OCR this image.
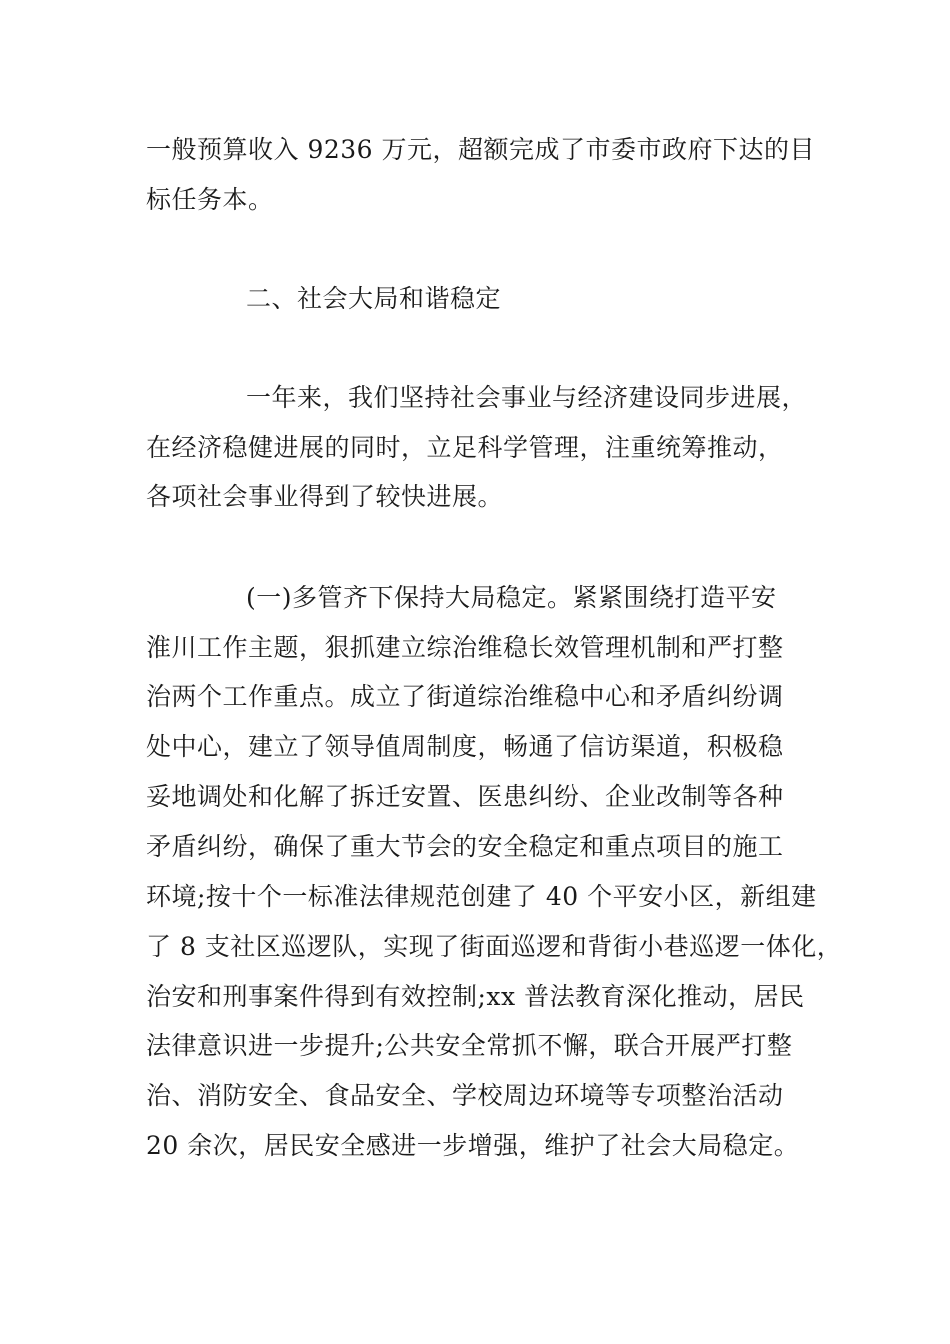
一般预算收入 9236 万元，超额完成了市委市政府下达的目
标任务本。
二、社会大局和谐稳定
一年来，我们坚持社会事业与经济建设同步进展，
在经济稳健进展的同时，立足科学管理，注重统筹推动，
各项社会事业得到了较快进展。
(一)多管齐下保持大局稳定。紧紧围绕打造平安
淮川工作主题，狠抓建立综治维稳长效管理机制和严打整
治两个工作重点。成立了街道综治维稳中心和矛盾纠纷调
处中心，建立了领导值周制度，畅通了信访渠道，积极稳
妥地调处和化解了拆迁安置、医患纠纷、企业改制等各种
矛盾纠纷，确保了重大节会的安全稳定和重点项目的施工
环境;按十个一标准法律规范创建了 40 个平安小区，新组建
了 8 支社区巡逻队，实现了街面巡逻和背街小巷巡逻一体化，
治安和刑事案件得到有效控制;xx 普法教育深化推动，居民
法律意识进一步提升;公共安全常抓不懈，联合开展严打整
治、消防安全、食品安全、学校周边环境等专项整治活动
20 余次，居民安全感进一步增强，维护了社会大局稳定。
